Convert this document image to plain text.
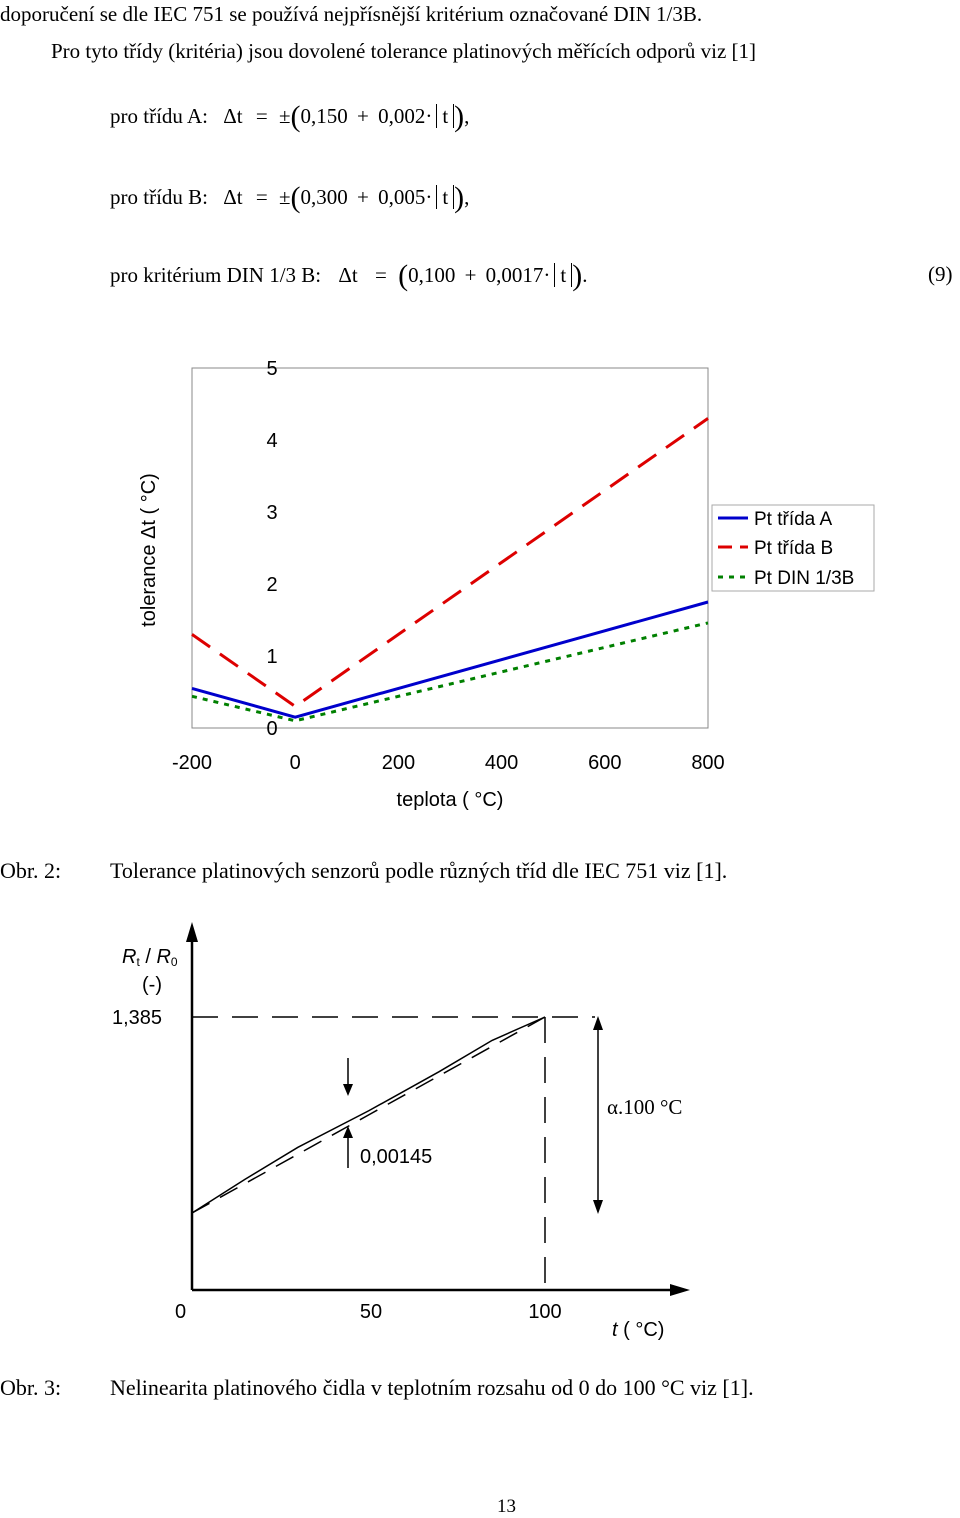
doporučení se dle IEC 751 se používá nejpřísnější kritérium označované DIN 1/3B.
Pro tyto třídy (kritéria) jsou dovolené tolerance platinových měřících odporů viz [1]
pro třídu A: Δt = ±(0,150 + 0,002· t ),
pro třídu B: Δt = ±(0,300 + 0,005· t ),
pro kritérium DIN 1/3 B: Δt = (0,100 + 0,0017· t ).	(9)
0
1
2
3
4
5
-200	0	200	400	600	800
tolerance Δt ( °C)
teplota ( °C)
Pt třída A
Pt třída B
Pt DIN 1/3B
Obr. 2: Tolerance platinových senzorů podle různých tříd dle IEC 751 viz [1].
Rt / R0
(-)
1,385
0,00145
α.100 °C
0	50	100
t ( °C)
Obr. 3: Nelinearita platinového čidla v teplotním rozsahu od 0 do 100 °C viz [1].
13
